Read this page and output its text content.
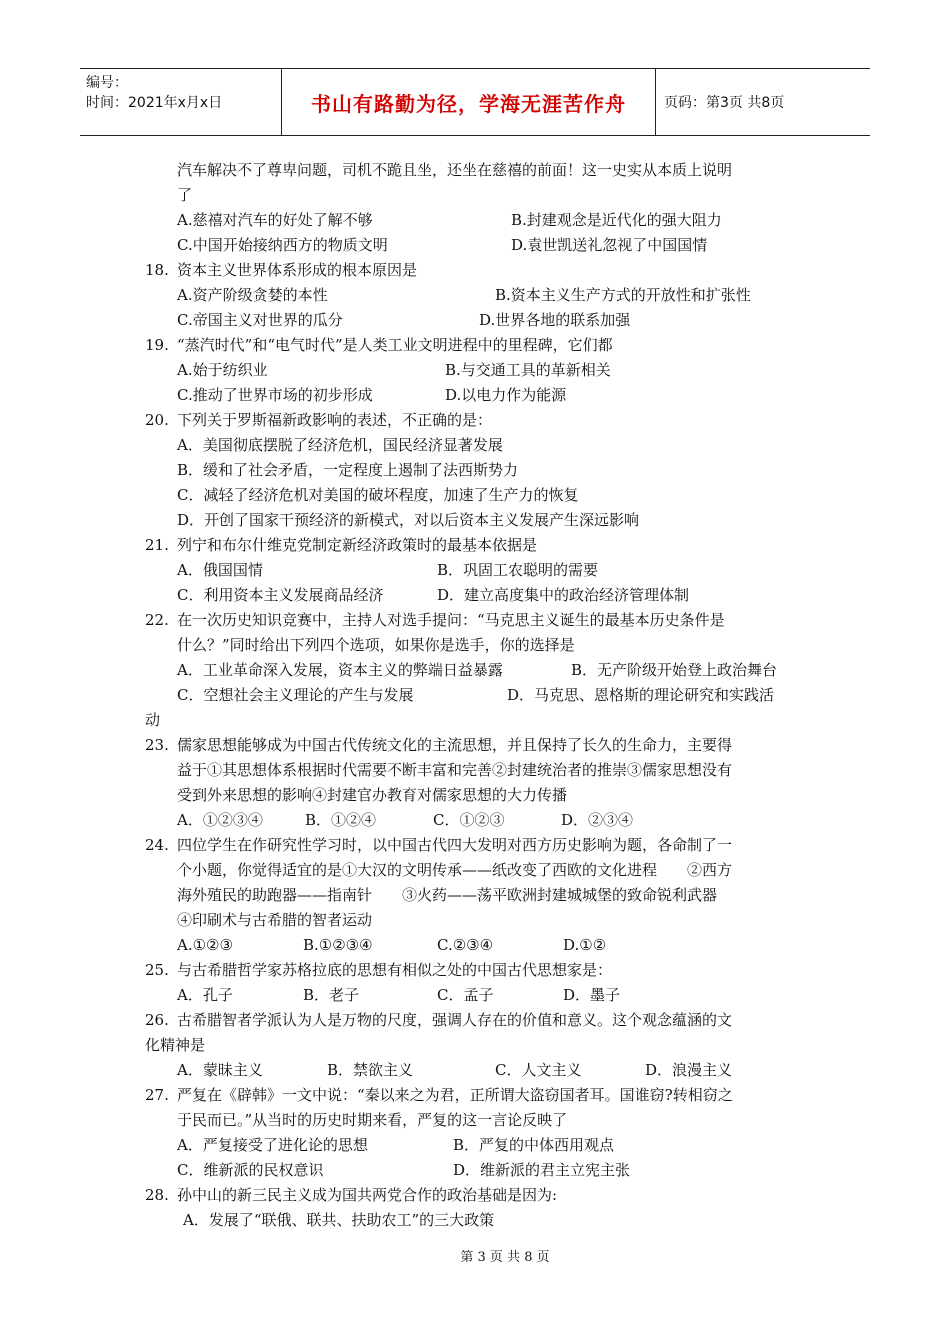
编号：
时间：2021年x月x日	书山有路勤为径，学海无涯苦作舟	页码：第3页 共8页
汽车解决不了尊卑问题，司机不跪且坐，还坐在慈禧的前面！这一史实从本质上说明
了
A.慈禧对汽车的好处了解不够	B.封建观念是近代化的强大阻力
C.中国开始接纳西方的物质文明	D.袁世凯送礼忽视了中国国情
18. 资本主义世界体系形成的根本原因是
A.资产阶级贪婪的本性	B.资本主义生产方式的开放性和扩张性
C.帝国主义对世界的瓜分	D.世界各地的联系加强
19. “蒸汽时代”和“电气时代”是人类工业文明进程中的里程碑，它们都
A.始于纺织业	B.与交通工具的革新相关
C.推动了世界市场的初步形成	D.以电力作为能源
20. 下列关于罗斯福新政影响的表述，不正确的是：
A．美国彻底摆脱了经济危机，国民经济显著发展
B．缓和了社会矛盾，一定程度上遏制了法西斯势力
C．减轻了经济危机对美国的破坏程度，加速了生产力的恢复
D．开创了国家干预经济的新模式，对以后资本主义发展产生深远影响
21. 列宁和布尔什维克党制定新经济政策时的最基本依据是
A．俄国国情	B．巩固工农聪明的需要
C．利用资本主义发展商品经济	D．建立高度集中的政治经济管理体制
22. 在一次历史知识竞赛中，主持人对选手提问：“马克思主义诞生的最基本历史条件是
什么？”同时给出下列四个选项，如果你是选手，你的选择是
A．工业革命深入发展，资本主义的弊端日益暴露	B．无产阶级开始登上政治舞台
C．空想社会主义理论的产生与发展	D．马克思、恩格斯的理论研究和实践活
动
23. 儒家思想能够成为中国古代传统文化的主流思想，并且保持了长久的生命力，主要得
益于①其思想体系根据时代需要不断丰富和完善②封建统治者的推崇③儒家思想没有
受到外来思想的影响④封建官办教育对儒家思想的大力传播
A．①②③④	B．①②④	C．①②③	D．②③④
24. 四位学生在作研究性学习时，以中国古代四大发明对西方历史影响为题，各命制了一
个小题，你觉得适宜的是①大汉的文明传承——纸改变了西欧的文化进程　　②西方
海外殖民的助跑器——指南针　　③火药——荡平欧洲封建城城堡的致命锐利武器
④印刷术与古希腊的智者运动
A.①②③	B.①②③④	C.②③④	D.①②
25. 与古希腊哲学家苏格拉底的思想有相似之处的中国古代思想家是：
A．孔子	B．老子	C．孟子	D．墨子
26. 古希腊智者学派认为人是万物的尺度，强调人存在的价值和意义。这个观念蕴涵的文
化精神是
A．蒙昧主义	B．禁欲主义	C．人文主义	D．浪漫主义
27. 严复在《辟韩》一文中说：“秦以来之为君，正所谓大盗窃国者耳。国谁窃?转相窃之
于民而已。”从当时的历史时期来看，严复的这一言论反映了
A．严复接受了进化论的思想	B．严复的中体西用观点
C．维新派的民权意识	D．维新派的君主立宪主张
28. 孙中山的新三民主义成为国共两党合作的政治基础是因为:
A．发展了“联俄、联共、扶助农工”的三大政策
第 3 页 共 8 页
